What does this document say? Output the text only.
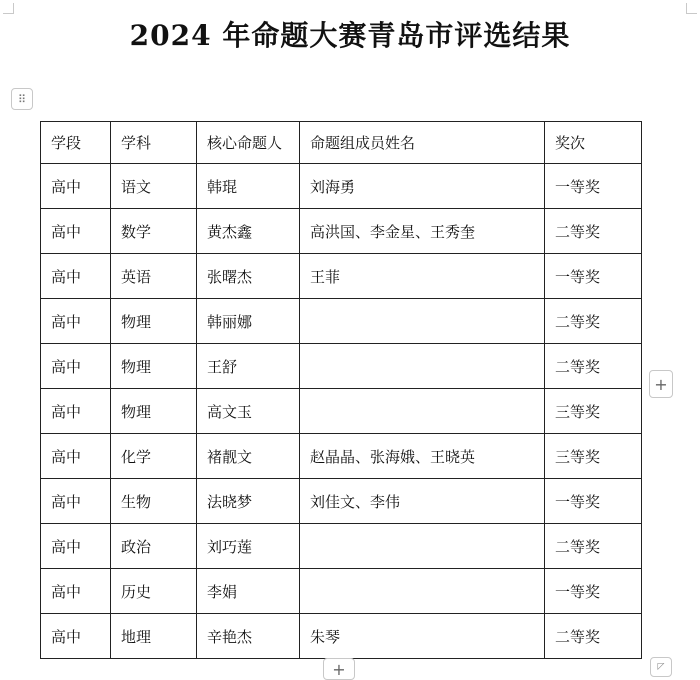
2024 年命题大赛青岛市评选结果
⠿
学段	学科	核心命题人	命题组成员姓名	奖次
高中	语文	韩琨	刘海勇	一等奖
高中	数学	黄杰鑫	高洪国、李金星、王秀奎	二等奖
高中	英语	张曙杰	王菲	一等奖
高中	物理	韩丽娜		二等奖
高中	物理	王舒		二等奖
高中	物理	高文玉		三等奖
高中	化学	褚靓文	赵晶晶、张海娥、王晓英	三等奖
高中	生物	法晓梦	刘佳文、李伟	一等奖
高中	政治	刘巧莲		二等奖
高中	历史	李娟		一等奖
高中	地理	辛艳杰	朱琴	二等奖
+
+	◸
